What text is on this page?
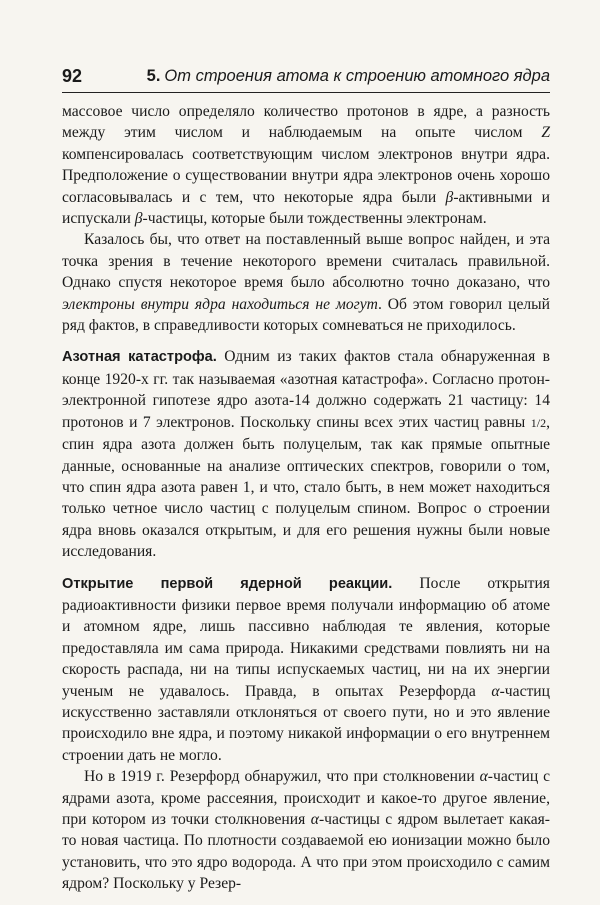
92	5. От строения атома к строению атомного ядра

массовое число определяло количество протонов в ядре, а разность между этим числом и наблюдаемым на опыте числом Z компенсировалась соответствующим числом электронов внутри ядра. Предположение о существовании внутри ядра электронов очень хорошо согласовывалась и с тем, что некоторые ядра были β-активными и испускали β-частицы, которые были тождественны электронам.

Казалось бы, что ответ на поставленный выше вопрос найден, и эта точка зрения в течение некоторого времени считалась правильной. Однако спустя некоторое время было абсолютно точно доказано, что электроны внутри ядра находиться не могут. Об этом говорил целый ряд фактов, в справедливости которых сомневаться не приходилось.

Азотная катастрофа. Одним из таких фактов стала обнаруженная в конце 1920-х гг. так называемая «азотная катастрофа». Согласно протон-электронной гипотезе ядро азота-14 должно содержать 21 частицу: 14 протонов и 7 электронов. Поскольку спины всех этих частиц равны 1/2, спин ядра азота должен быть полуцелым, так как прямые опытные данные, основанные на анализе оптических спектров, говорили о том, что спин ядра азота равен 1, и что, стало быть, в нем может находиться только четное число частиц с полуцелым спином. Вопрос о строении ядра вновь оказался открытым, и для его решения нужны были новые исследования.

Открытие первой ядерной реакции. После открытия радиоактивности физики первое время получали информацию об атоме и атомном ядре, лишь пассивно наблюдая те явления, которые предоставляла им сама природа. Никакими средствами повлиять ни на скорость распада, ни на типы испускаемых частиц, ни на их энергии ученым не удавалось. Правда, в опытах Резерфорда α-частиц искусственно заставляли отклоняться от своего пути, но и это явление происходило вне ядра, и поэтому никакой информации о его внутреннем строении дать не могло.

Но в 1919 г. Резерфорд обнаружил, что при столкновении α-частиц с ядрами азота, кроме рассеяния, происходит и какое-то другое явление, при котором из точки столкновения α-частицы с ядром вылетает какая-то новая частица. По плотности создаваемой ею ионизации можно было установить, что это ядро водорода. А что при этом происходило с самим ядром? Поскольку у Резер-
